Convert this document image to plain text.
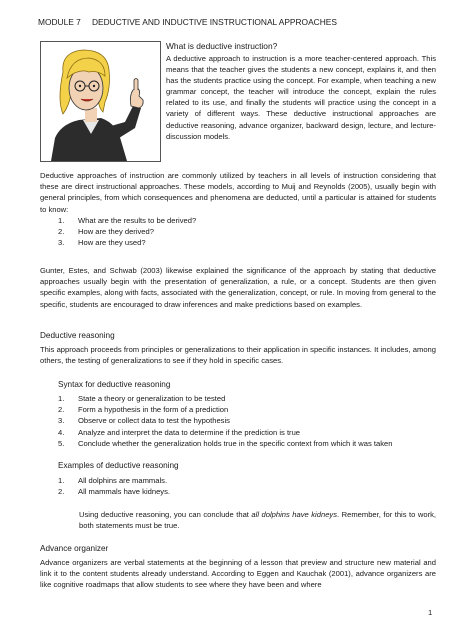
MODULE 7 DEDUCTIVE AND INDUCTIVE INSTRUCTIONAL APPROACHES
What is deductive instruction?
A deductive approach to instruction is a more teacher-centered approach. This means that the teacher gives the students a new concept, explains it, and then has the students practice using the concept. For example, when teaching a new grammar concept, the teacher will introduce the concept, explain the rules related to its use, and finally the students will practice using the concept in a variety of different ways. These deductive instructional approaches are deductive reasoning, advance organizer, backward design, lecture, and lecture-discussion models.

Deductive approaches of instruction are commonly utilized by teachers in all levels of instruction considering that these are direct instructional approaches. These models, according to Muij and Reynolds (2005), usually begin with general principles, from which consequences and phenomena are deducted, until a particular is attained for students to know:

1. What are the results to be derived?
2. How are they derived?
3. How are they used?

Gunter, Estes, and Schwab (2003) likewise explained the significance of the approach by stating that deductive approaches usually begin with the presentation of generalization, a rule, or a concept. Students are then given specific examples, along with facts, associated with the generalization, concept, or rule. In moving from general to the specific, students are encouraged to draw inferences and make predictions based on examples.

Deductive reasoning

This approach proceeds from principles or generalizations to their application in specific instances. It includes, among others, the testing of generalizations to see if they hold in specific cases.

Syntax for deductive reasoning
1. State a theory or generalization to be tested
2. Form a hypothesis in the form of a prediction
3. Observe or collect data to test the hypothesis
4. Analyze and interpret the data to determine if the prediction is true
5. Conclude whether the generalization holds true in the specific context from which it was taken
Examples of deductive reasoning
1. All dolphins are mammals.
2. All mammals have kidneys.

Using deductive reasoning, you can conclude that all dolphins have kidneys. Remember, for this to work, both statements must be true.

Advance organizer

Advance organizers are verbal statements at the beginning of a lesson that preview and structure new material and link it to the content students already understand. According to Eggen and Kauchak (2001), advance organizers are like cognitive roadmaps that allow students to see where they have been and where

1
